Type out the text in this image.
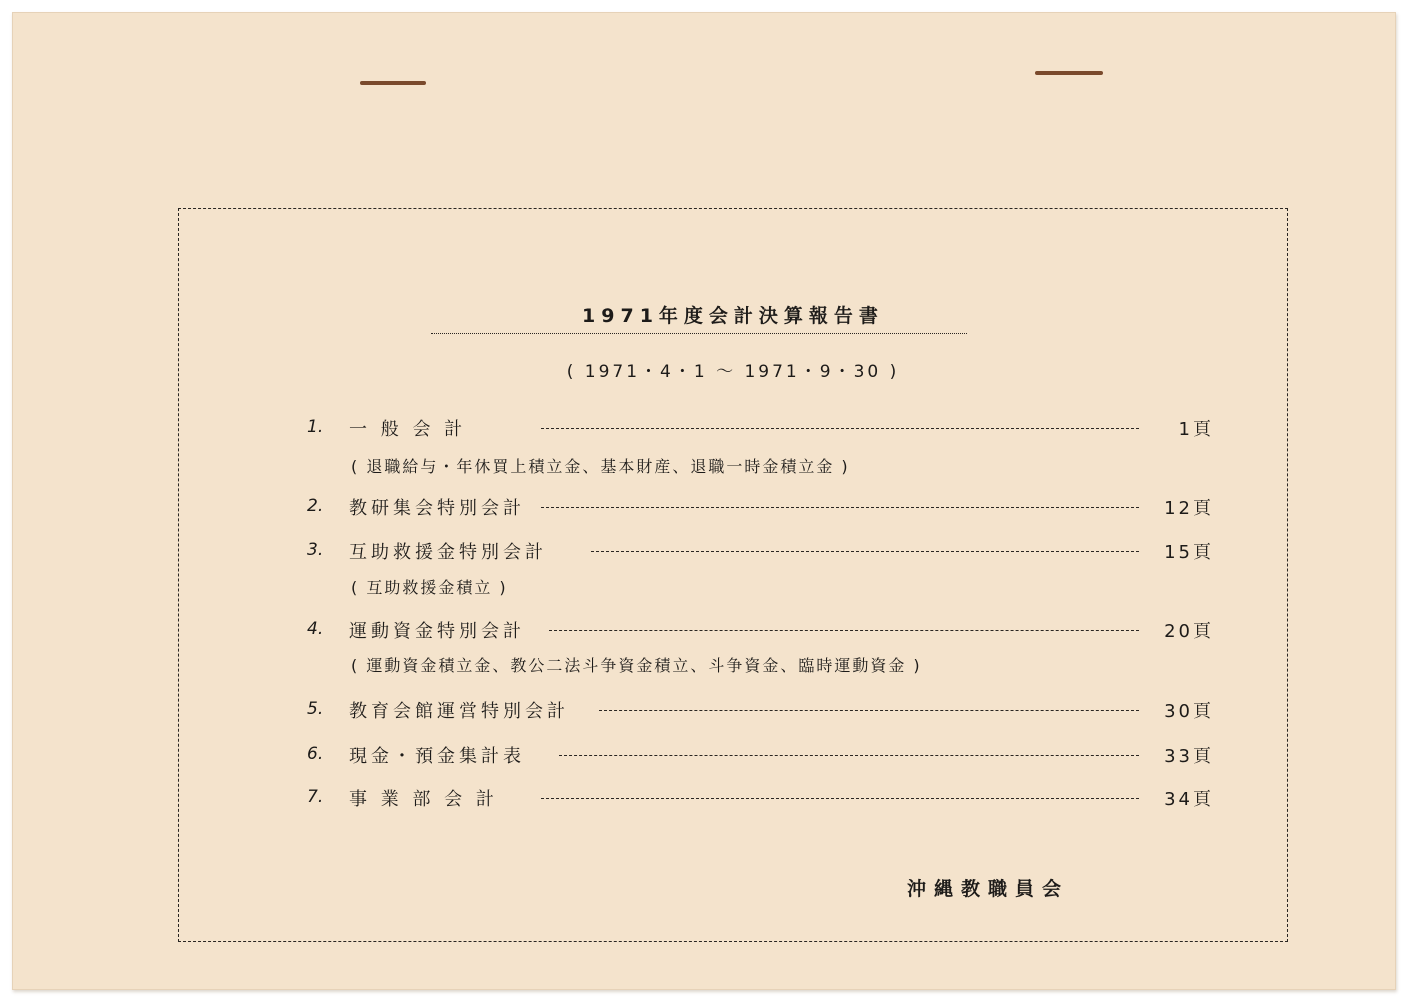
1971年度会計決算報告書
( 1971・4・1 ～ 1971・9・30 )
1. 一 般 会 計	1頁
( 退職給与・年休買上積立金、基本財産、退職一時金積立金 )
2. 教研集会特別会計	12頁
3. 互助救援金特別会計	15頁
( 互助救援金積立 )
4. 運動資金特別会計	20頁
( 運動資金積立金、教公二法斗争資金積立、斗争資金、臨時運動資金 )
5. 教育会館運営特別会計	30頁
6. 現金・預金集計表	33頁
7. 事 業 部 会 計	34頁
沖縄教職員会
